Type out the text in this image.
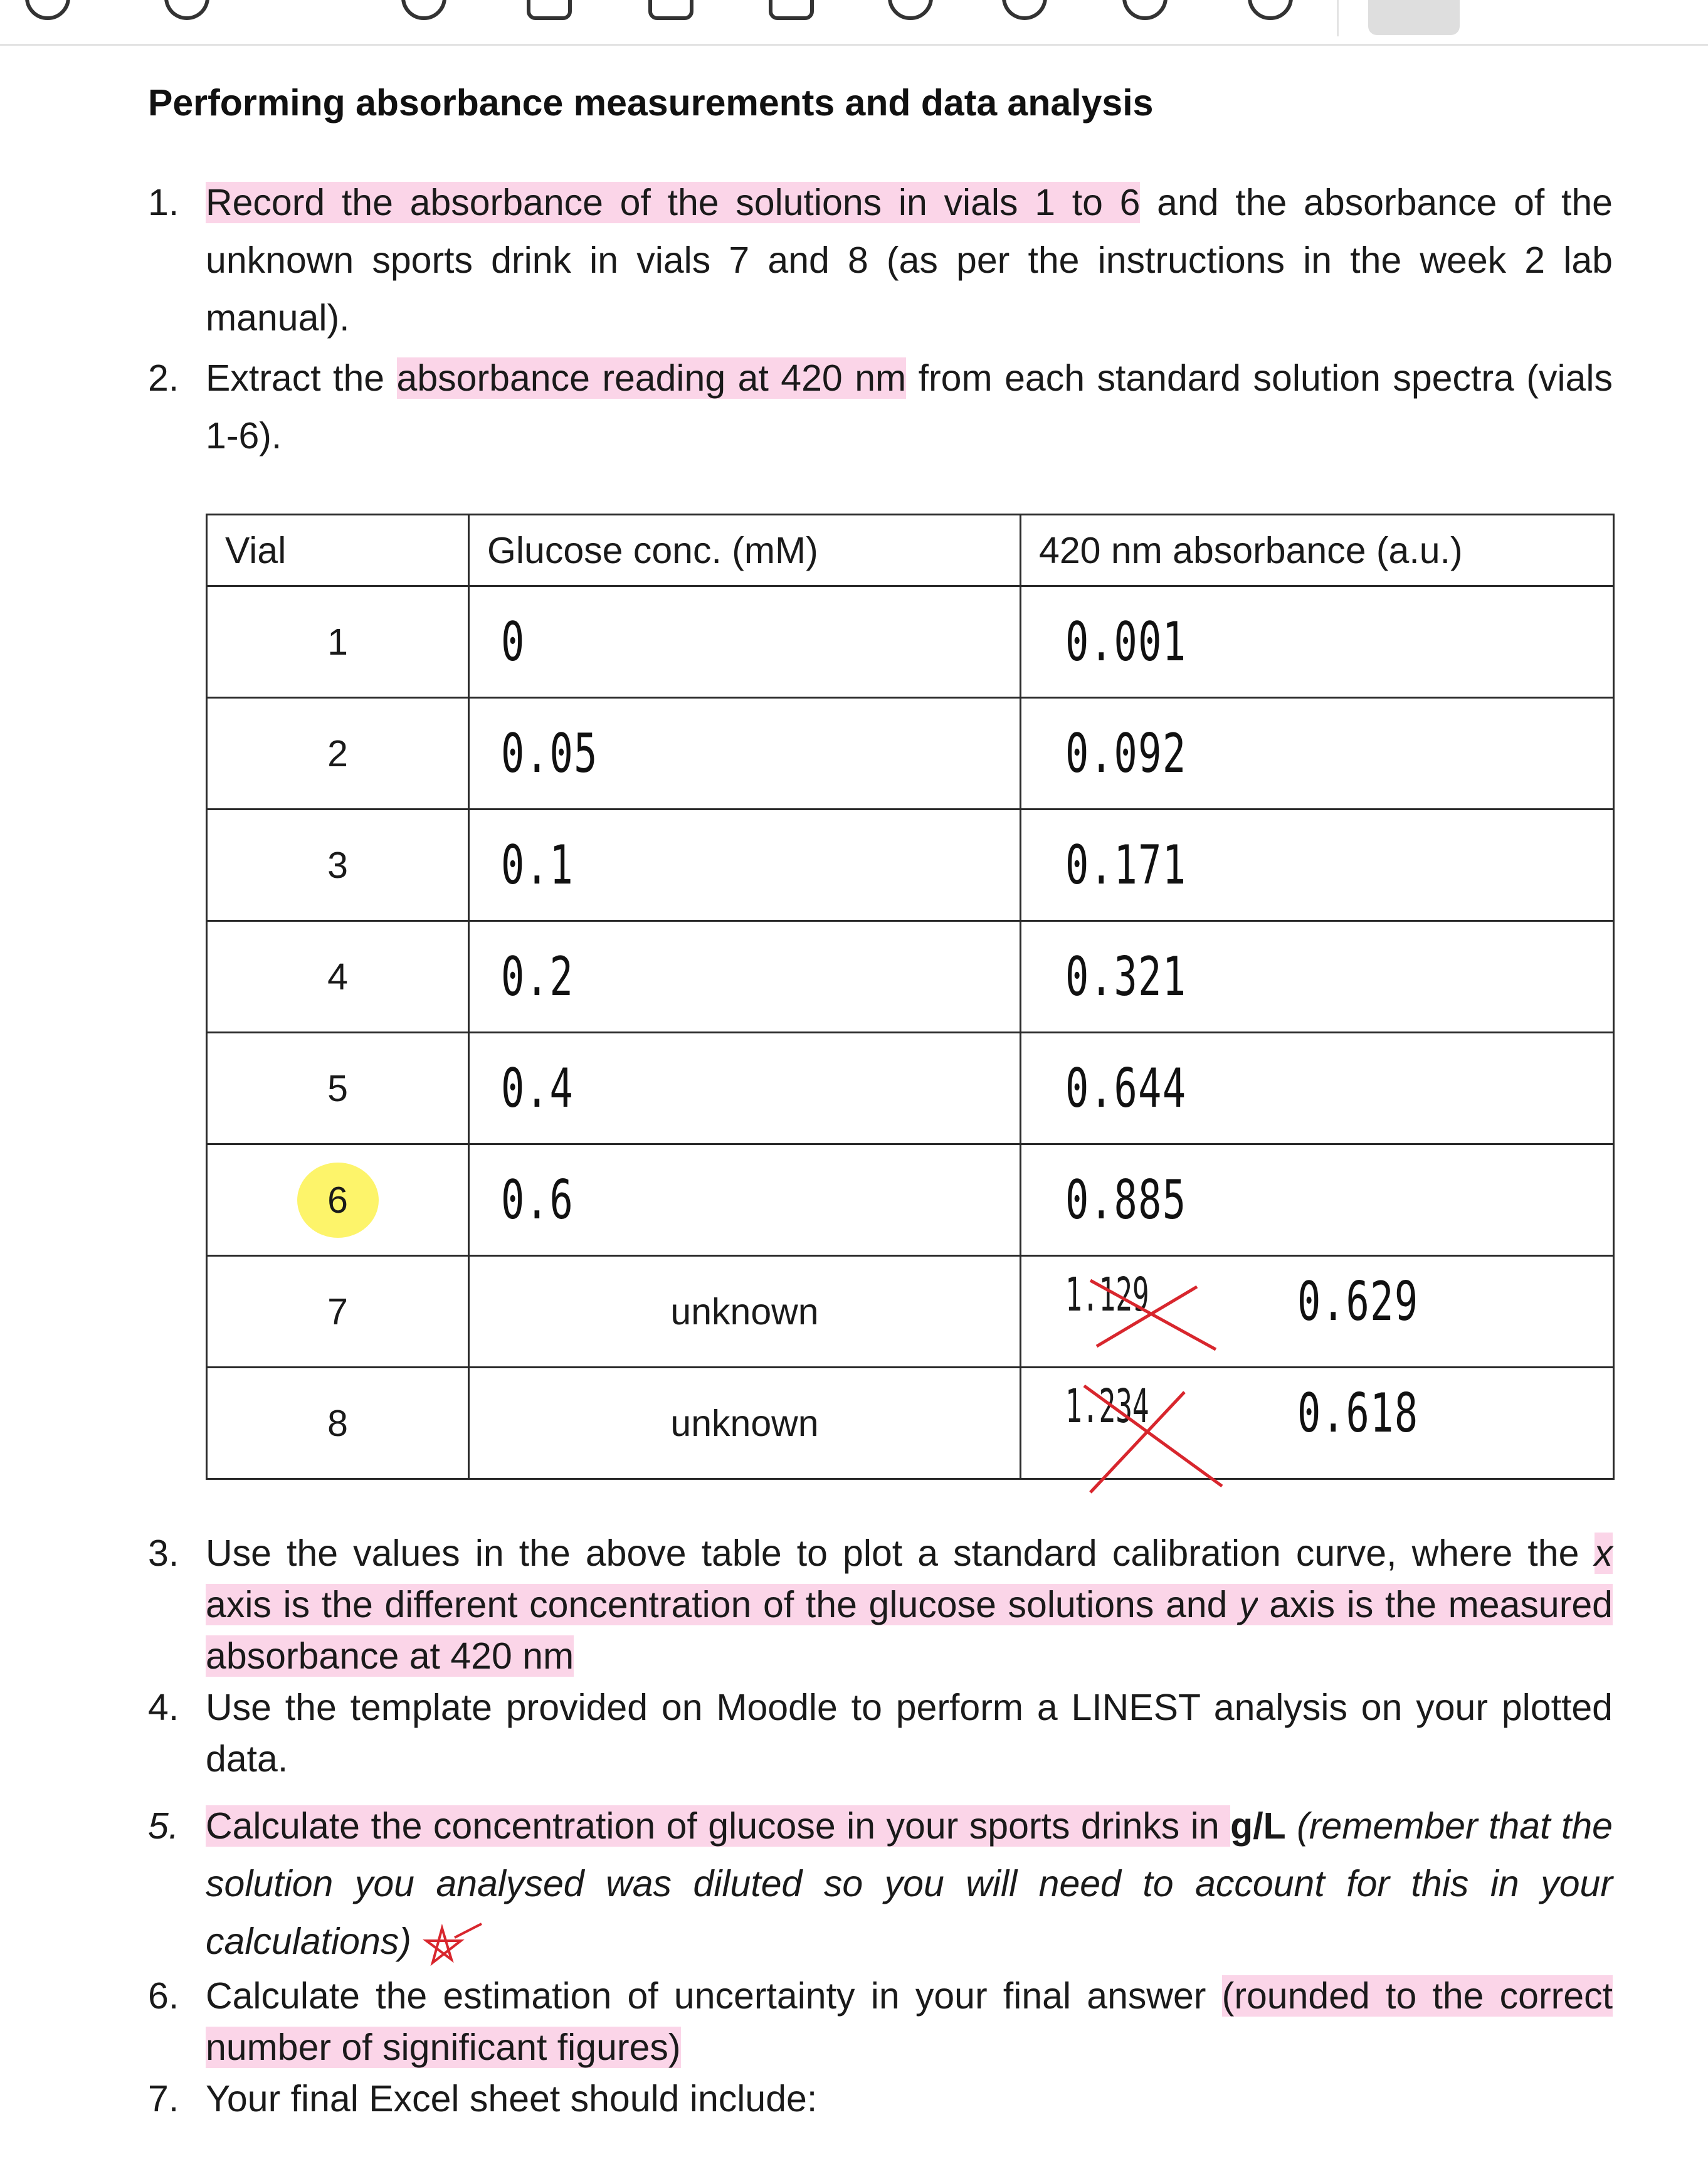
Performing absorbance measurements and data analysis
1. Record the absorbance of the solutions in vials 1 to 6 and the absorbance of the unknown sports drink in vials 7 and 8 (as per the instructions in the week 2 lab manual).
2. Extract the absorbance reading at 420 nm from each standard solution spectra (vials 1-6).
Vial	Glucose conc. (mM)	420 nm absorbance (a.u.)
1	0	0.001
2	0.05	0.092
3	0.1	0.171
4	0.2	0.321
5	0.4	0.644
6	0.6	0.885
7	unknown	1.129 0.629

8	unknown	1.234 0.618
3. Use the values in the above table to plot a standard calibration curve, where the x axis is the different concentration of the glucose solutions and y axis is the measured absorbance at 420 nm
4. Use the template provided on Moodle to perform a LINEST analysis on your plotted data.
5. Calculate the concentration of glucose in your sports drinks in g/L (remember that the solution you analysed was diluted so you will need to account for this in your calculations)
6. Calculate the estimation of uncertainty in your final answer (rounded to the correct number of significant figures)
7. Your final Excel sheet should include:
